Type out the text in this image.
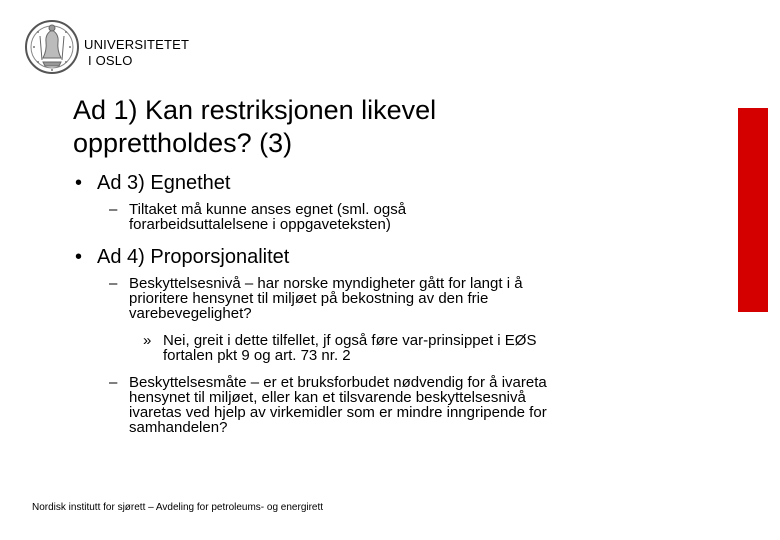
UNIVERSITETET
I OSLO
Ad 1) Kan restriksjonen likevel
opprettholdes? (3)
• Ad 3) Egnethet
– Tiltaket må kunne anses egnet (sml. også
forarbeidsuttalelsene i oppgaveteksten)
• Ad 4) Proporsjonalitet
– Beskyttelsesnivå – har norske myndigheter gått for langt i å
prioritere hensynet til miljøet på bekostning av den frie
varebevegelighet?
» Nei, greit i dette tilfellet, jf også føre var-prinsippet i EØS
fortalen pkt 9 og art. 73 nr. 2
– Beskyttelsesmåte – er et bruksforbudet nødvendig for å ivareta
hensynet til miljøet, eller kan et tilsvarende beskyttelsesnivå
ivaretas ved hjelp av virkemidler som er mindre inngripende for
samhandelen?
Nordisk institutt for sjørett – Avdeling for petroleums- og energirett
